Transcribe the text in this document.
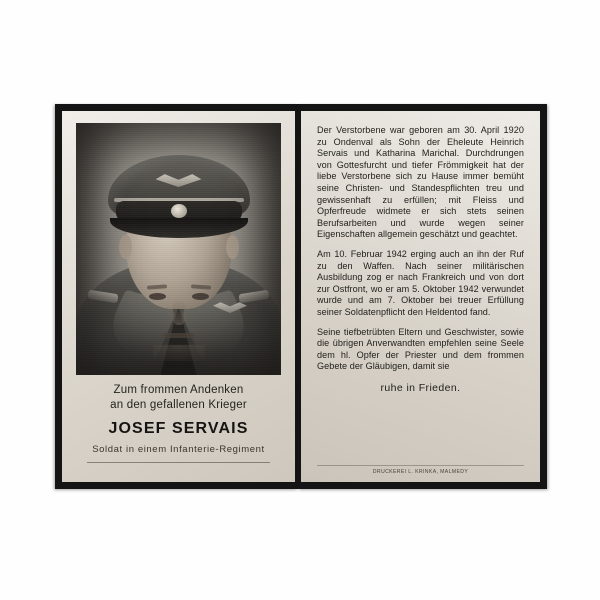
Zum frommen Andenken
an den gefallenen Krieger
JOSEF SERVAIS
Soldat in einem Infanterie-Regiment

Der Verstorbene war geboren am 30. April 1920 zu Ondenval als Sohn der Eheleute Heinrich Servais und Katharina Marichal. Durchdrungen von Gottesfurcht und tiefer Frömmigkeit hat der liebe Verstorbene sich zu Hause immer bemüht seine Christen- und Standespflichten treu und gewissenhaft zu erfüllen; mit Fleiss und Opferfreude widmete er sich stets seinen Berufsarbeiten und wurde wegen seiner Eigenschaften allgemein geschätzt und geachtet.

Am 10. Februar 1942 erging auch an ihn der Ruf zu den Waffen. Nach seiner militärischen Ausbildung zog er nach Frankreich und von dort zur Ostfront, wo er am 5. Oktober 1942 verwundet wurde und am 7. Oktober bei treuer Erfüllung seiner Soldatenpflicht den Heldentod fand.

Seine tiefbetrübten Eltern und Geschwister, sowie die übrigen Anverwandten empfehlen seine Seele dem hl. Opfer der Priester und dem frommen Gebete der Gläubigen, damit sie

ruhe in Frieden.
DRUCKEREI L. KRINKA, MALMEDY
